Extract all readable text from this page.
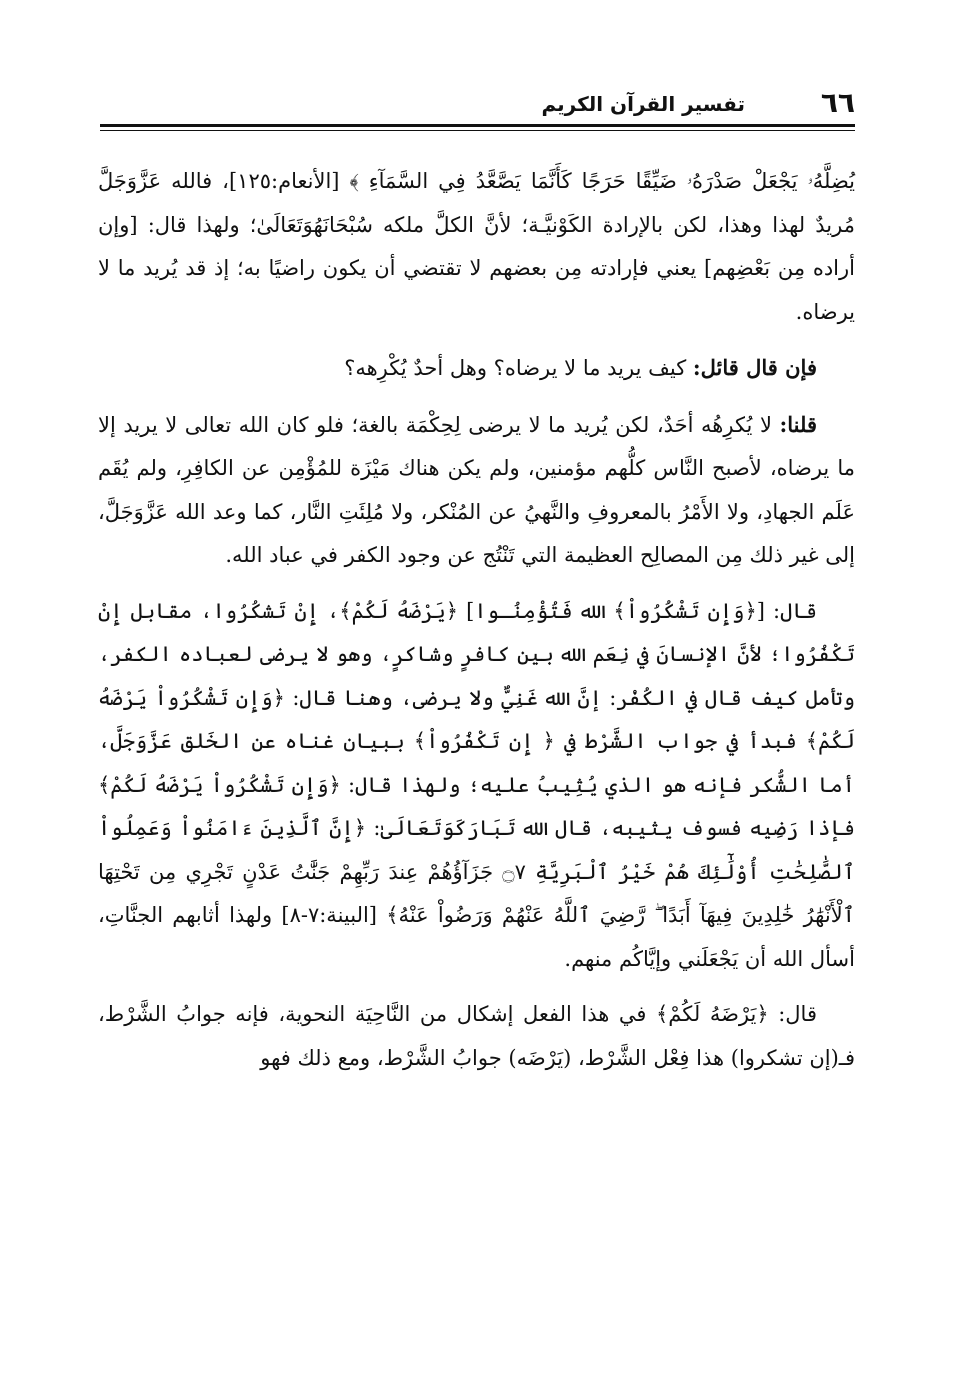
٦٦
تفسير القرآن الكريم

يُضِلَّهُۥ يَجْعَلْ صَدْرَهُۥ ضَيِّقًا حَرَجًا كَأَنَّمَا يَصَّعَّدُ فِي السَّمَآءِ ﴾ [الأنعام:١٢٥]، فالله عَزَّوَجَلَّ مُريدٌ لهذا وهذا، لكن بالإرادة الكَوْنيَّـة؛ لأنَّ الكلَّ ملكه سُبْحَانَهُوَتَعَالَىٰ؛ ولهذا قال: [وإن أراده مِن بَعْضِهم] يعني فإرادته مِن بعضهم لا تقتضي أن يكون راضيًا به؛ إذ قد يُريد ما لا يرضاه.

فإن قال قائل: كيف يريد ما لا يرضاه؟ وهل أحدٌ يُكْرِهه؟

قلنا: لا يُكرِهُه أحَدٌ، لكن يُريد ما لا يرضى لِحِكْمَة بالغة؛ فلو كان الله تعالى لا يريد إلا ما يرضاه، لأصبح النَّاس كلُّهم مؤمنين، ولم يكن هناك مَيْزَة للمُؤْمِن عن الكافِرِ، ولم يُقَم عَلَم الجهادِ، ولا الأَمْرُ بالمعروفِ والنَّهيُ عن المُنْكر، ولا مُلِئَتِ النَّار، كما وعد الله عَزَّوَجَلَّ، إلى غير ذلك مِن المصالِح العظيمة التي تَنْتُج عن وجود الكفر في عباد الله.

قال: [﴿وَإِن تَشْكُرُواْ﴾ الله فَتُؤْمِنُـوا] ﴿يَرْضَهُ لَكُمْ﴾، إِنْ تَشكُرُوا، مقابل إِنْ تَكْفُرُوا؛ لأنَّ الإنسانَ في نِعَم الله بين كافرٍ وشاكرٍ، وهو لا يرضى لعباده الكفر، وتأمل كيف قال في الكُفْر: إنَّ الله غَنِيٌّ ولا يرضى، وهنا قال: ﴿وَإِن تَشْكُرُواْ يَرْضَهُ لَكُمْ﴾ فبدأ في جواب الشَّرْط في ﴿ إِن تَكْفُرُواْ﴾ ببيان غناه عن الخَلق عَزَّوَجَلَّ، أما الشُّكر فإنه هو الذي يُثِيبُ عليه؛ ولهذا قال: ﴿وَإِن تَشْكُرُواْ يَرْضَهُ لَكُمْ﴾ فإذا رَضِيه فسوف يثيبه، قال الله تَبَارَكَوَتَعَالَىٰ: ﴿إِنَّ ٱلَّذِينَ ءَامَنُواْ وَعَمِلُواْ ٱلصَّٰلِحَٰتِ أُوْلَٰٓئِكَ هُمْ خَيْرُ ٱلْبَرِيَّةِ ۝٧ جَزَآؤُهُمْ عِندَ رَبِّهِمْ جَنَّٰتُ عَدْنٍ تَجْرِي مِن تَحْتِهَا ٱلْأَنْهَٰرُ خَٰلِدِينَ فِيهَآ أَبَدًا ۖ رَّضِيَ ٱللَّهُ عَنْهُمْ وَرَضُواْ عَنْهُ﴾ [البينة:٧-٨] ولهذا أثابهم الجنَّاتِ، أسأل الله أن يَجْعَلَني وإيَّاكُم منهم.

قال: ﴿يَرْضَهُ لَكُمْ﴾ في هذا الفعل إشكال من النَّاحِيَة النحوية، فإنه جوابُ الشَّرْط، فـ(إن تشكروا) هذا فِعْل الشَّرْط، (يَرْضَه) جوابُ الشَّرْط، ومع ذلك فهو
